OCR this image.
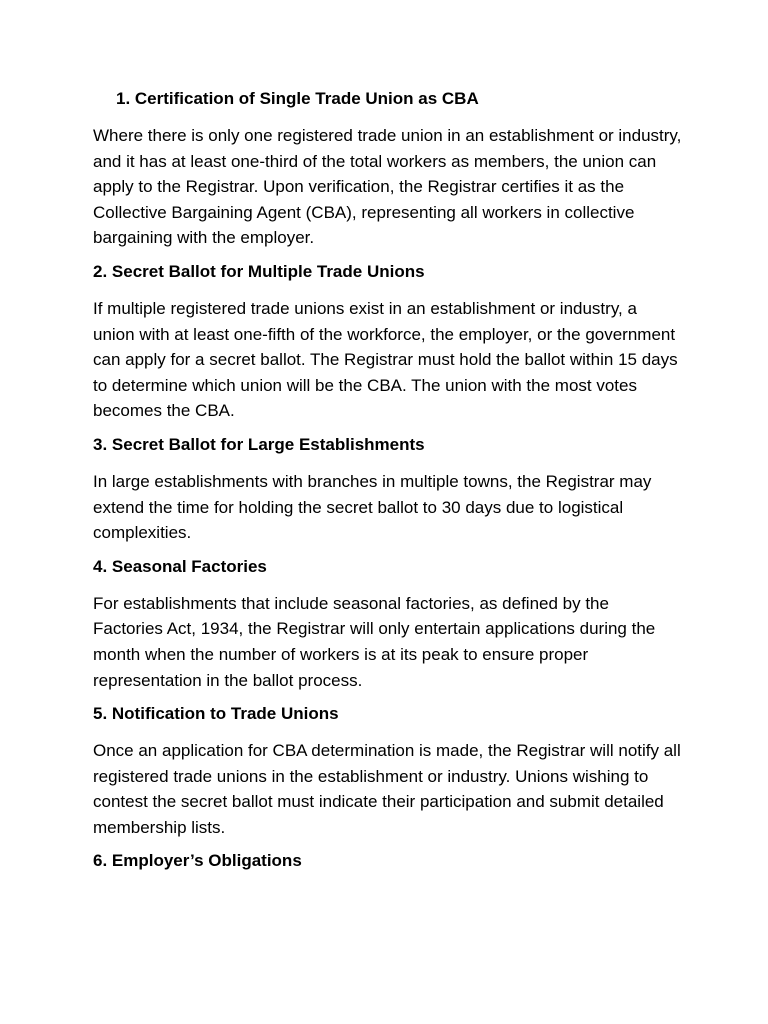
1. Certification of Single Trade Union as CBA

Where there is only one registered trade union in an establishment or industry, and it has at least one-third of the total workers as members, the union can apply to the Registrar. Upon verification, the Registrar certifies it as the Collective Bargaining Agent (CBA), representing all workers in collective bargaining with the employer.

2. Secret Ballot for Multiple Trade Unions

If multiple registered trade unions exist in an establishment or industry, a union with at least one-fifth of the workforce, the employer, or the government can apply for a secret ballot. The Registrar must hold the ballot within 15 days to determine which union will be the CBA. The union with the most votes becomes the CBA.

3. Secret Ballot for Large Establishments

In large establishments with branches in multiple towns, the Registrar may extend the time for holding the secret ballot to 30 days due to logistical complexities.

4. Seasonal Factories

For establishments that include seasonal factories, as defined by the Factories Act, 1934, the Registrar will only entertain applications during the month when the number of workers is at its peak to ensure proper representation in the ballot process.

5. Notification to Trade Unions

Once an application for CBA determination is made, the Registrar will notify all registered trade unions in the establishment or industry. Unions wishing to contest the secret ballot must indicate their participation and submit detailed membership lists.

6. Employer’s Obligations
